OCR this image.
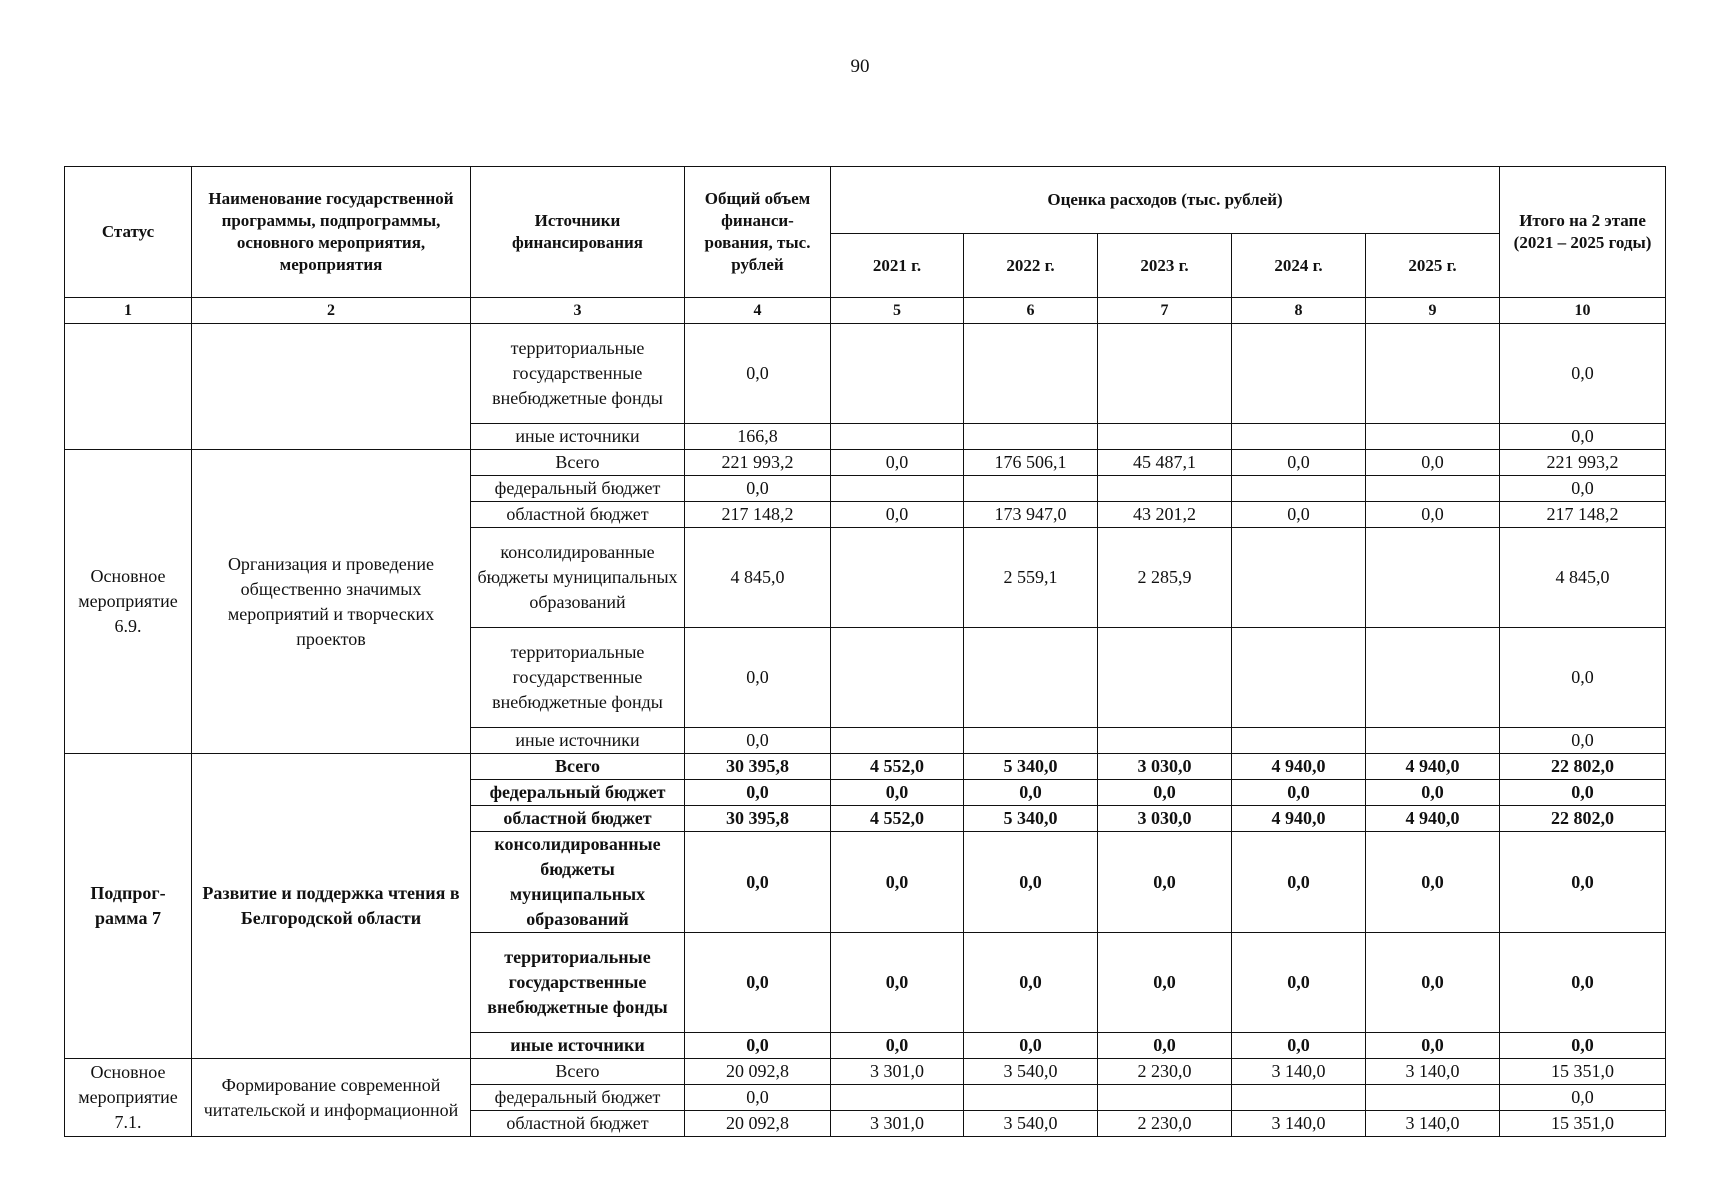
90
Статус	Наименование государственной программы, подпрограммы, основного мероприятия, мероприятия	Источники финансирования	Общий объем финанси-рования, тыс. рублей	Оценка расходов (тыс. рублей)					Итого на 2 этапе (2021 – 2025 годы)
				2021 г.	2022 г.	2023 г.	2024 г.	2025 г.	
1	2	3	4	5	6	7	8	9	10
		территориальные государственные внебюджетные фонды	0,0						0,0
		иные источники	166,8						0,0
Основное мероприятие 6.9.	Организация и проведение общественно значимых мероприятий и творческих проектов	Всего	221 993,2	0,0	176 506,1	45 487,1	0,0	0,0	221 993,2
		федеральный бюджет	0,0						0,0
		областной бюджет	217 148,2	0,0	173 947,0	43 201,2	0,0	0,0	217 148,2
		консолидированные бюджеты муниципальных образований	4 845,0		2 559,1	2 285,9			4 845,0
		территориальные государственные внебюджетные фонды	0,0						0,0
		иные источники	0,0						0,0
Подпрог-рамма 7	Развитие и поддержка чтения в Белгородской области	Всего	30 395,8	4 552,0	5 340,0	3 030,0	4 940,0	4 940,0	22 802,0
		федеральный бюджет	0,0	0,0	0,0	0,0	0,0	0,0	0,0
		областной бюджет	30 395,8	4 552,0	5 340,0	3 030,0	4 940,0	4 940,0	22 802,0
		консолидированные бюджеты муниципальных образований	0,0	0,0	0,0	0,0	0,0	0,0	0,0
		территориальные государственные внебюджетные фонды	0,0	0,0	0,0	0,0	0,0	0,0	0,0
		иные источники	0,0	0,0	0,0	0,0	0,0	0,0	0,0
Основное мероприятие 7.1.	Формирование современной читательской и информационной	Всего	20 092,8	3 301,0	3 540,0	2 230,0	3 140,0	3 140,0	15 351,0
		федеральный бюджет	0,0						0,0
		областной бюджет	20 092,8	3 301,0	3 540,0	2 230,0	3 140,0	3 140,0	15 351,0
